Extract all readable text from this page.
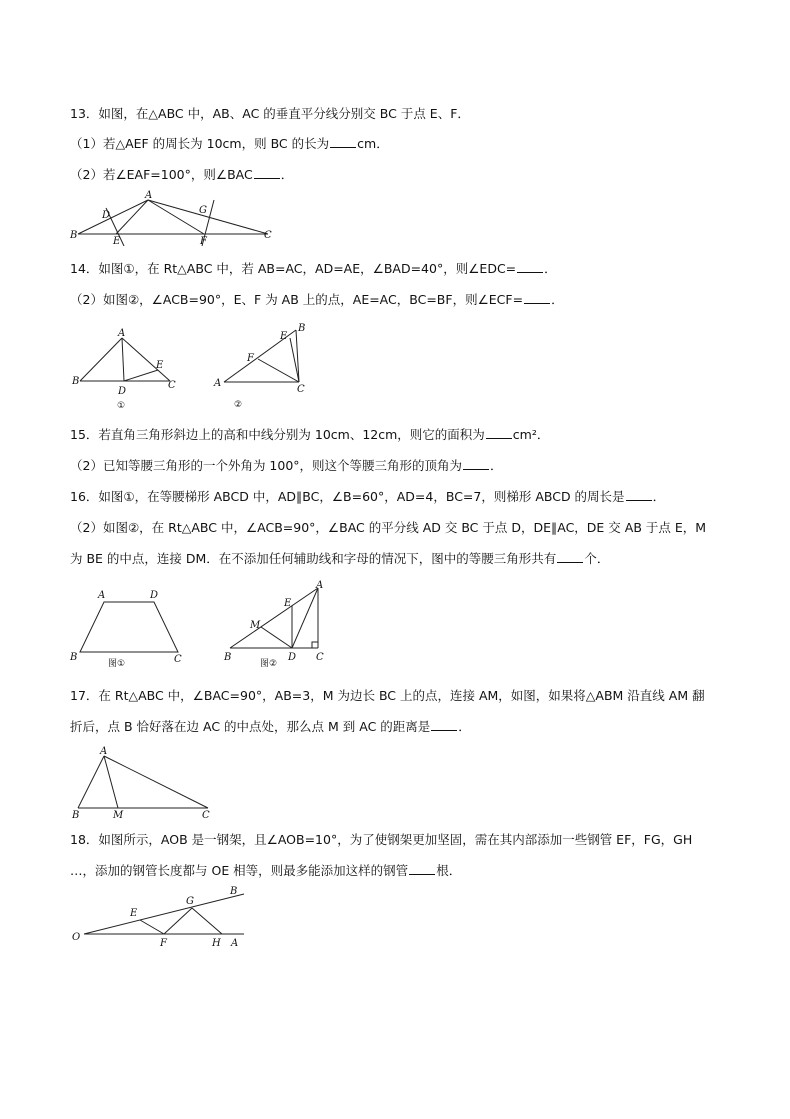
13．如图，在△ABC 中，AB、AC 的垂直平分线分别交 BC 于点 E、F．
（1）若△AEF 的周长为 10cm，则 BC 的长为 cm．
（2）若∠EAF=100°，则∠BAC ．
A
B	C
D
E	F
G
14．如图①，在 Rt△ABC 中，若 AB=AC，AD=AE，∠BAD=40°，则∠EDC= ．
（2）如图②，∠ACB=90°，E、F 为 AB 上的点，AE=AC，BC=BF，则∠ECF= ．
A
B	C
D
E
①
B
E
F
A
C
②
15．若直角三角形斜边上的高和中线分别为 10cm、12cm，则它的面积为 cm²．
（2）已知等腰三角形的一个外角为 100°，则这个等腰三角形的顶角为 ．
16．如图①，在等腰梯形 ABCD 中，AD∥BC，∠B=60°，AD=4，BC=7，则梯形 ABCD 的周长是 ．
（2）如图②，在 Rt△ABC 中，∠ACB=90°，∠BAC 的平分线 AD 交 BC 于点 D，DE∥AC，DE 交 AB 于点 E，M
为 BE 的中点，连接 DM．在不添加任何辅助线和字母的情况下，图中的等腰三角形共有 个．
A	D
B	C
图①
A
E
M
B	D C
图②
17．在 Rt△ABC 中，∠BAC=90°，AB=3，M 为边长 BC 上的点，连接 AM，如图，如果将△ABM 沿直线 AM 翻
折后，点 B 恰好落在边 AC 的中点处，那么点 M 到 AC 的距离是 ．
A
B	M	C
18．如图所示，AOB 是一钢架，且∠AOB=10°，为了使钢架更加坚固，需在其内部添加一些钢管 EF，FG，GH
…，添加的钢管长度都与 OE 相等，则最多能添加这样的钢管 根．
O
E
F
G
H A
B
